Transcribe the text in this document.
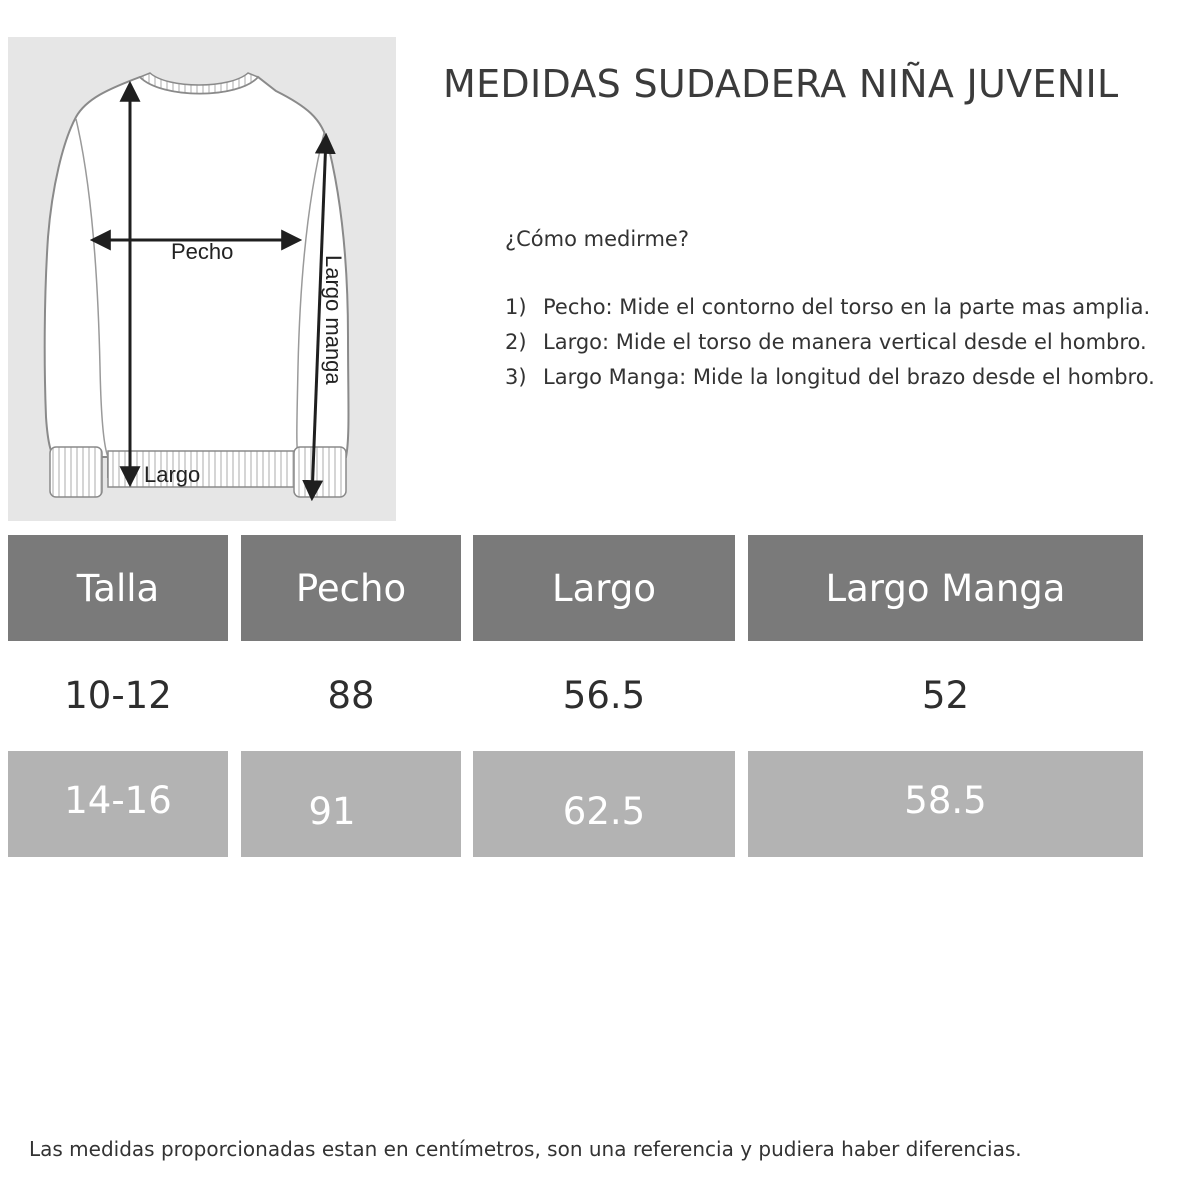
Pecho
Largo
Largo manga
MEDIDAS SUDADERA NIÑA JUVENIL
¿Cómo medirme?
1) Pecho: Mide el contorno del torso en la parte mas amplia.
2) Largo: Mide el torso de manera vertical desde el hombro.
3) Largo Manga: Mide la longitud del brazo desde el hombro.
Talla	Pecho	Largo	Largo Manga
10-12	88	56.5	52
14-16	91	62.5	58.5
Las medidas proporcionadas estan en centímetros, son una referencia y pudiera haber diferencias.
